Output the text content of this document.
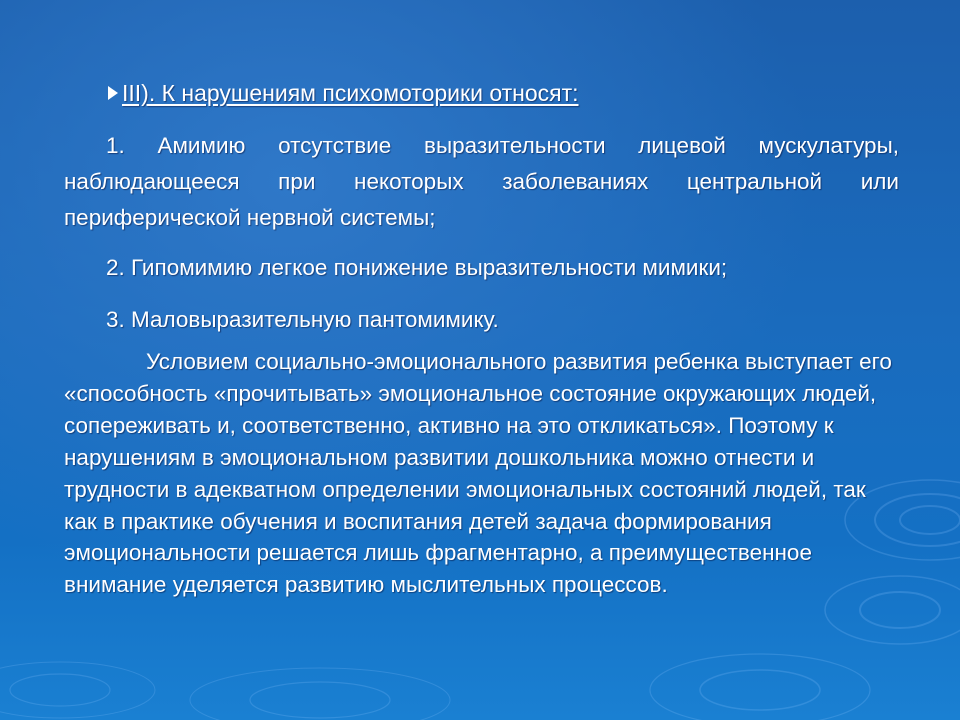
III). К нарушениям психомоторики относят:
1. Амимию отсутствие выразительности лицевой мускулатуры, наблюдающееся при некоторых заболеваниях центральной или периферической нервной системы;
2. Гипомимию легкое понижение выразительности мимики;
3. Маловыразительную пантомимику.
Условием социально-эмоционального развития ребенка выступает его «способность «прочитывать» эмоциональное состояние окружающих людей, сопереживать и, соответственно, активно на это откликаться». Поэтому к нарушениям в эмоциональном развитии дошкольника можно отнести и трудности в адекватном определении эмоциональных состояний людей, так как в практике обучения и воспитания детей задача формирования эмоциональности решается лишь фрагментарно, а преимущественное внимание уделяется развитию мыслительных процессов.
